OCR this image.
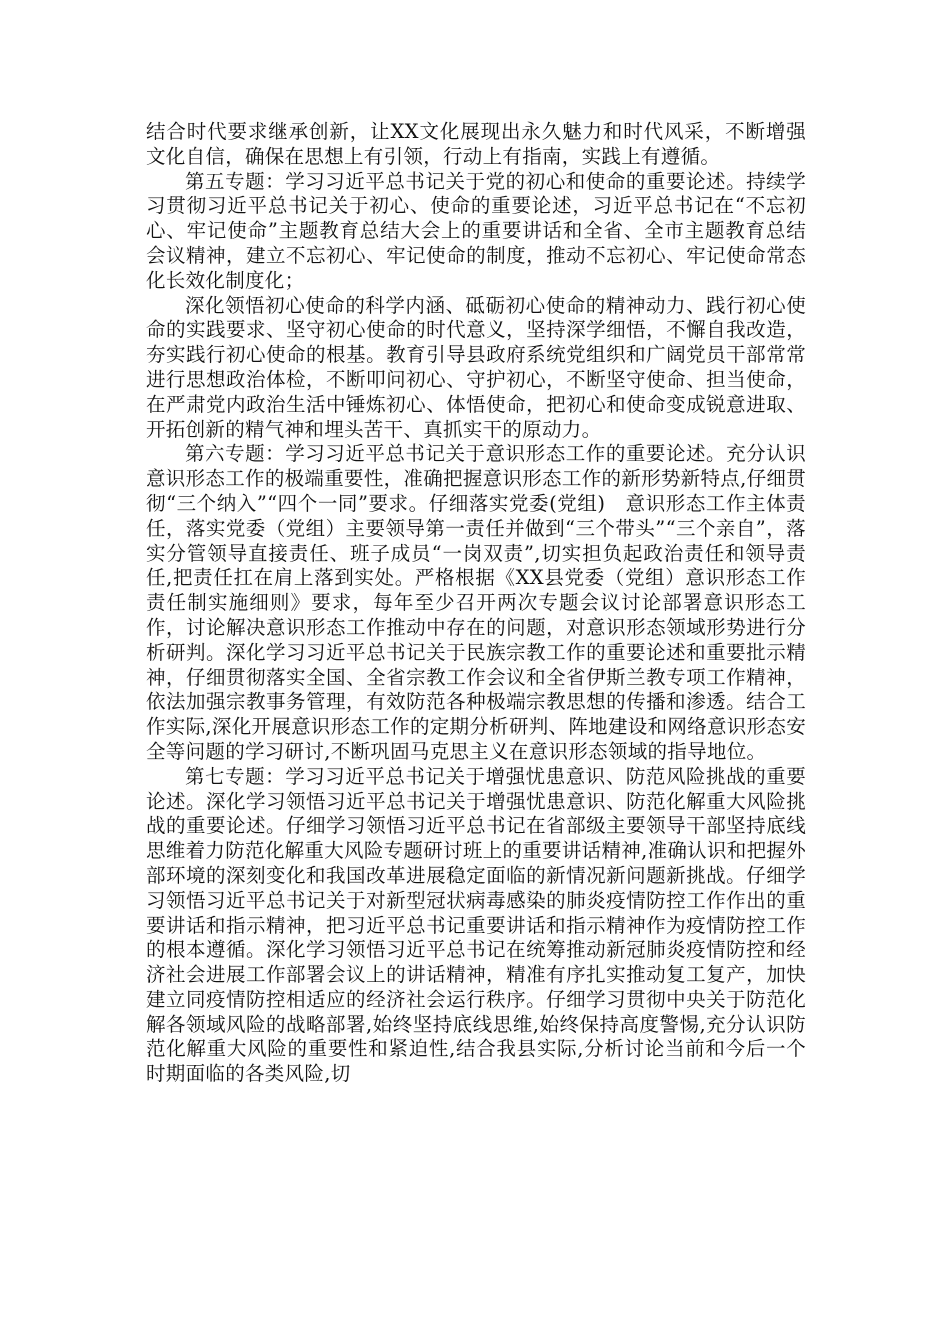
结合时代要求继承创新，让XX文化展现出永久魅力和时代风采，不断增强文化自信，确保在思想上有引领，行动上有指南，实践上有遵循。

第五专题：学习习近平总书记关于党的初心和使命的重要论述。持续学习贯彻习近平总书记关于初心、使命的重要论述，习近平总书记在“不忘初心、牢记使命”主题教育总结大会上的重要讲话和全省、全市主题教育总结会议精神，建立不忘初心、牢记使命的制度，推动不忘初心、牢记使命常态化长效化制度化；

深化领悟初心使命的科学内涵、砥砺初心使命的精神动力、践行初心使命的实践要求、坚守初心使命的时代意义，坚持深学细悟，不懈自我改造，夯实践行初心使命的根基。教育引导县政府系统党组织和广阔党员干部常常进行思想政治体检，不断叩问初心、守护初心，不断坚守使命、担当使命，在严肃党内政治生活中锤炼初心、体悟使命，把初心和使命变成锐意进取、开拓创新的精气神和埋头苦干、真抓实干的原动力。

第六专题：学习习近平总书记关于意识形态工作的重要论述。充分认识意识形态工作的极端重要性，准确把握意识形态工作的新形势新特点,仔细贯彻“三个纳入”“四个一同”要求。仔细落实党委(党组)　意识形态工作主体责任，落实党委（党组）主要领导第一责任并做到“三个带头”“三个亲自”，落实分管领导直接责任、班子成员“一岗双责”,切实担负起政治责任和领导责任,把责任扛在肩上落到实处。严格根据《XX县党委（党组）意识形态工作责任制实施细则》要求，每年至少召开两次专题会议讨论部署意识形态工作，讨论解决意识形态工作推动中存在的问题，对意识形态领域形势进行分析研判。深化学习习近平总书记关于民族宗教工作的重要论述和重要批示精神，仔细贯彻落实全国、全省宗教工作会议和全省伊斯兰教专项工作精神，依法加强宗教事务管理，有效防范各种极端宗教思想的传播和渗透。结合工作实际,深化开展意识形态工作的定期分析研判、阵地建设和网络意识形态安全等问题的学习研讨,不断巩固马克思主义在意识形态领域的指导地位。

第七专题：学习习近平总书记关于增强忧患意识、防范风险挑战的重要论述。深化学习领悟习近平总书记关于增强忧患意识、防范化解重大风险挑战的重要论述。仔细学习领悟习近平总书记在省部级主要领导干部坚持底线思维着力防范化解重大风险专题研讨班上的重要讲话精神,准确认识和把握外部环境的深刻变化和我国改革进展稳定面临的新情况新问题新挑战。仔细学习领悟习近平总书记关于对新型冠状病毒感染的肺炎疫情防控工作作出的重要讲话和指示精神，把习近平总书记重要讲话和指示精神作为疫情防控工作的根本遵循。深化学习领悟习近平总书记在统筹推动新冠肺炎疫情防控和经济社会进展工作部署会议上的讲话精神，精准有序扎实推动复工复产，加快建立同疫情防控相适应的经济社会运行秩序。仔细学习贯彻中央关于防范化解各领域风险的战略部署,始终坚持底线思维,始终保持高度警惕,充分认识防范化解重大风险的重要性和紧迫性,结合我县实际,分析讨论当前和今后一个时期面临的各类风险,切
